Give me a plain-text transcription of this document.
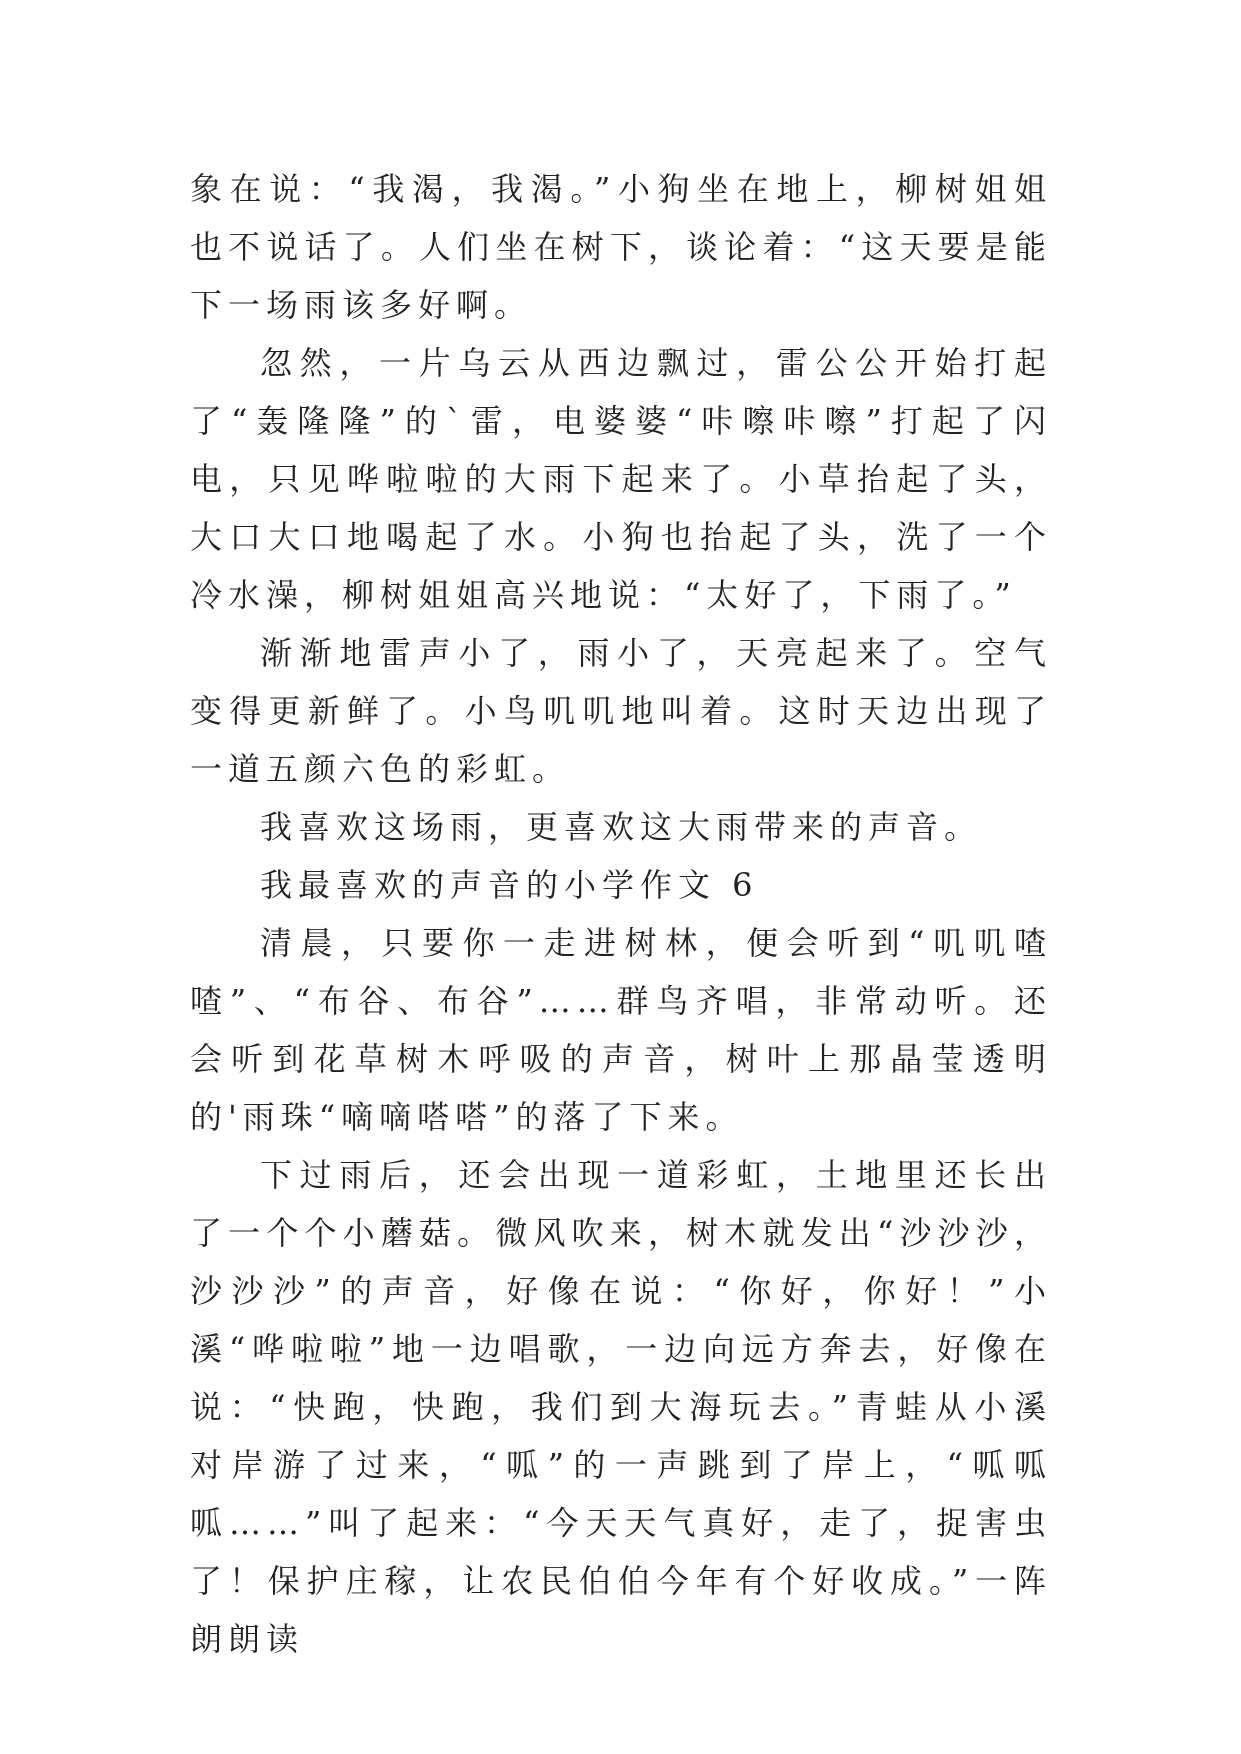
象在说：“我渴，我渴。”小狗坐在地上，柳树姐姐也不说话了。人们坐在树下，谈论着：“这天要是能下一场雨该多好啊。

忽然，一片乌云从西边飘过，雷公公开始打起了“轰隆隆”的`雷，电婆婆“咔嚓咔嚓”打起了闪电，只见哗啦啦的大雨下起来了。小草抬起了头，大口大口地喝起了水。小狗也抬起了头，洗了一个冷水澡，柳树姐姐高兴地说：“太好了，下雨了。”

渐渐地雷声小了，雨小了，天亮起来了。空气变得更新鲜了。小鸟叽叽地叫着。这时天边出现了一道五颜六色的彩虹。

我喜欢这场雨，更喜欢这大雨带来的声音。

我最喜欢的声音的小学作文 6

清晨，只要你一走进树林，便会听到“叽叽喳喳”、“布谷、布谷”……群鸟齐唱，非常动听。还会听到花草树木呼吸的声音，树叶上那晶莹透明的'雨珠“嘀嘀嗒嗒”的落了下来。

下过雨后，还会出现一道彩虹，土地里还长出了一个个小蘑菇。微风吹来，树木就发出“沙沙沙，沙沙沙”的声音，好像在说：“你好，你好！”小溪“哗啦啦”地一边唱歌，一边向远方奔去，好像在说：“快跑，快跑，我们到大海玩去。”青蛙从小溪对岸游了过来，“呱”的一声跳到了岸上，“呱呱呱……”叫了起来：“今天天气真好，走了，捉害虫了！保护庄稼，让农民伯伯今年有个好收成。”一阵朗朗读
